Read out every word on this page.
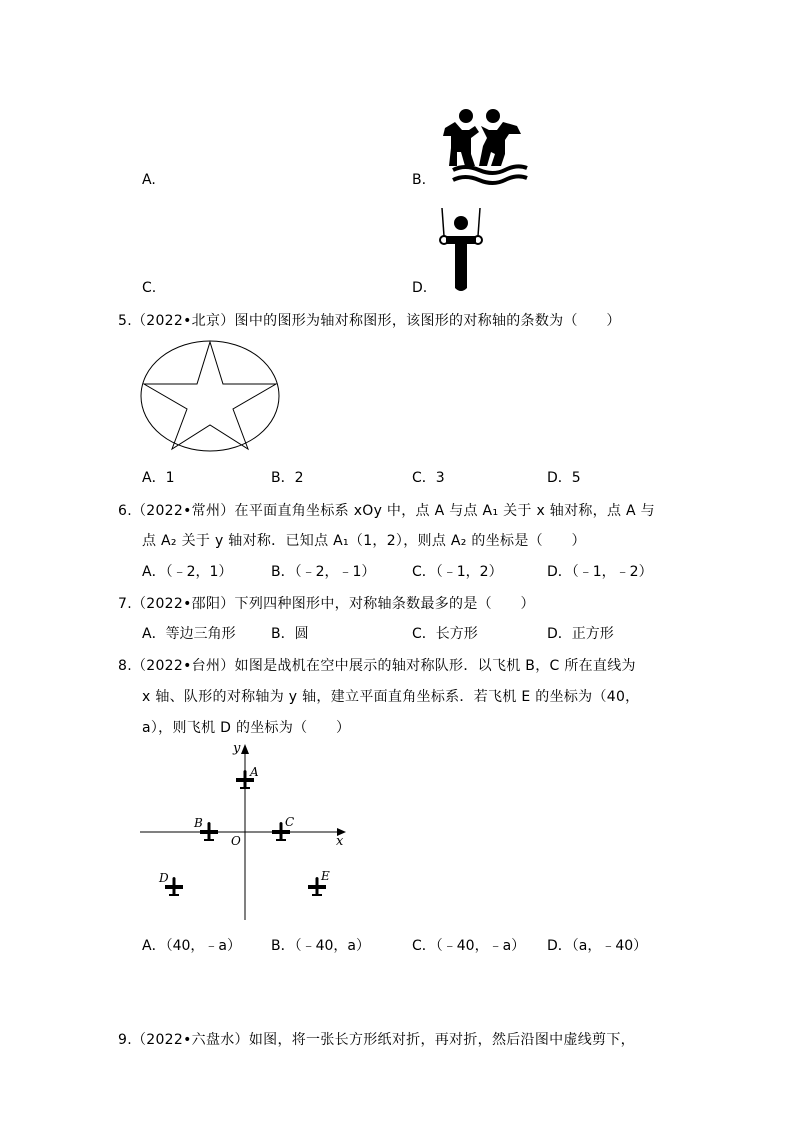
A.	B.
C.	D.
5.（2022•北京）图中的图形为轴对称图形，该图形的对称轴的条数为（　　）
A．1	B．2	C．3	D．5
6.（2022•常州）在平面直角坐标系 xOy 中，点 A 与点 A₁ 关于 x 轴对称，点 A 与
点 A₂ 关于 y 轴对称．已知点 A₁（1，2），则点 A₂ 的坐标是（　　）
A．（﹣2，1）	B．（﹣2，﹣1）	C．（﹣1，2）	D．（﹣1，﹣2）
7.（2022•邵阳）下列四种图形中，对称轴条数最多的是（　　）
A．等边三角形	B．圆	C．长方形	D．正方形
8.（2022•台州）如图是战机在空中展示的轴对称队形．以飞机 B，C 所在直线为
x 轴、队形的对称轴为 y 轴，建立平面直角坐标系．若飞机 E 的坐标为（40，
a），则飞机 D 的坐标为（　　）
y
x
O
A
B	C
D	E
A．（40，﹣a） B．（﹣40，a）	C．（﹣40，﹣a） D．（a，﹣40）
9.（2022•六盘水）如图，将一张长方形纸对折，再对折，然后沿图中虚线剪下，
